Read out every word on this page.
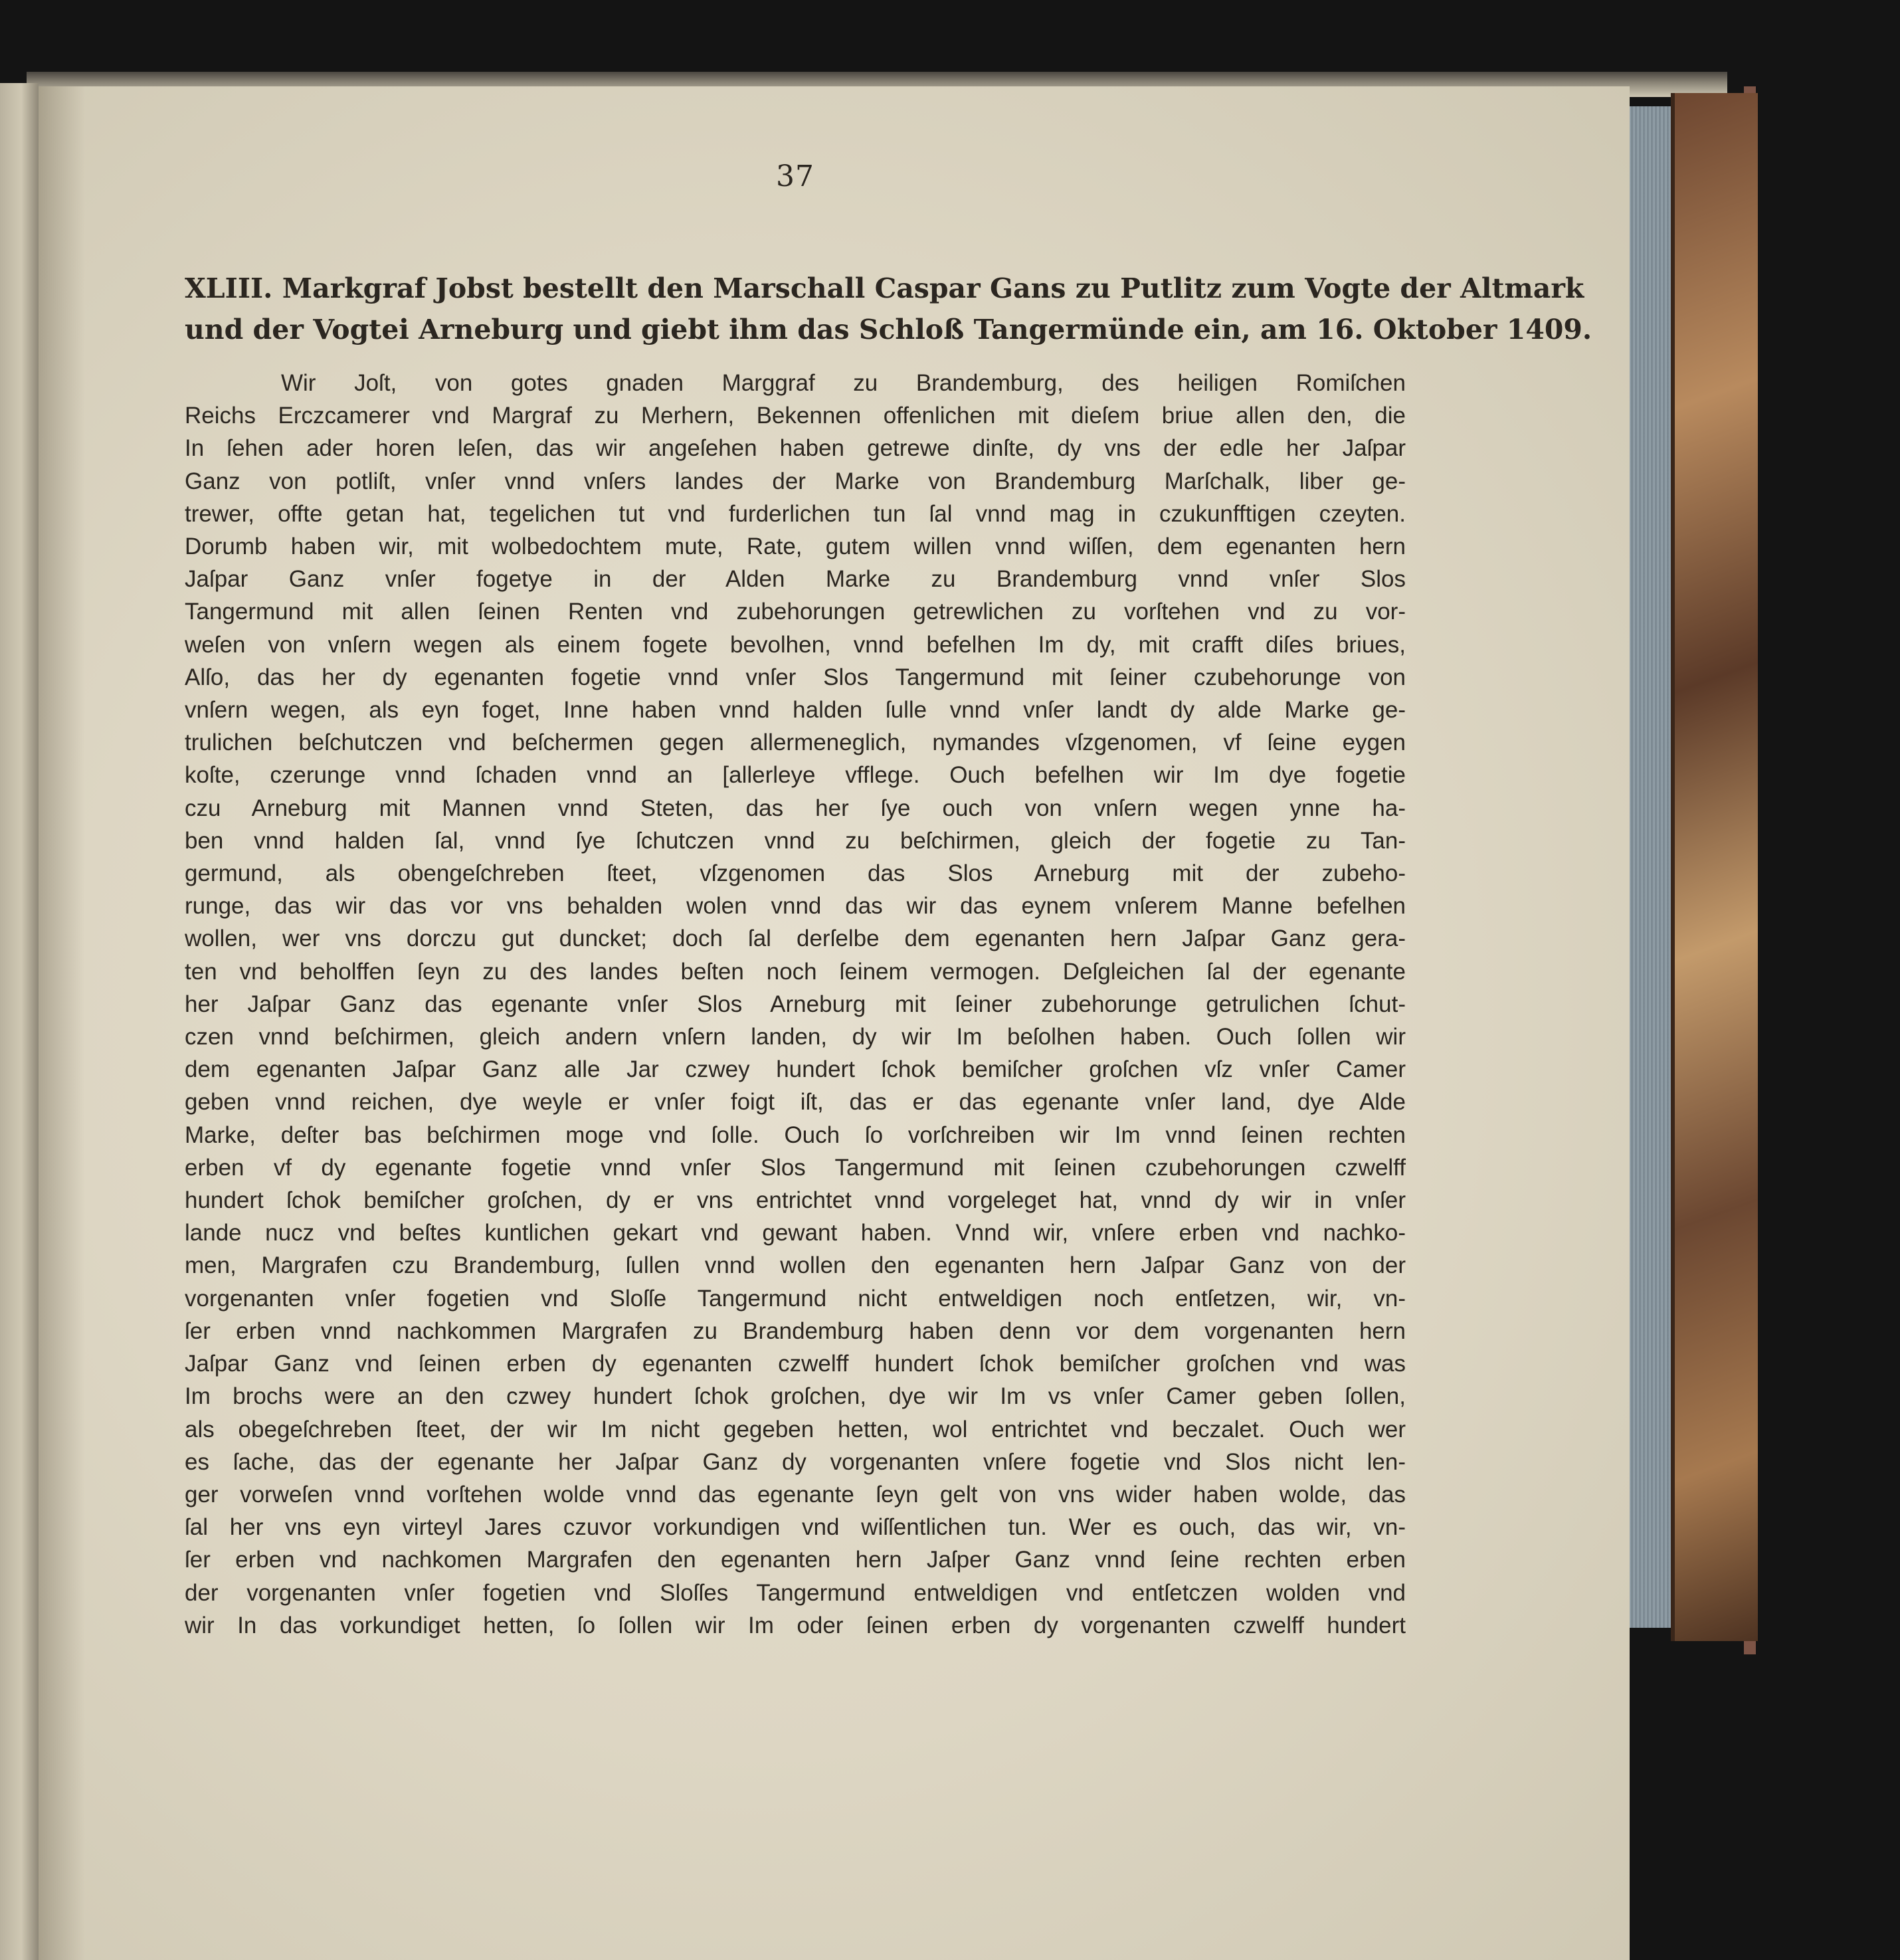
37
XLIII. Markgraf Jobst bestellt den Marschall Caspar Gans zu Putlitz zum Vogte der Altmark
und der Vogtei Arneburg und giebt ihm das Schloß Tangermünde ein, am 16. Oktober 1409.
Wir Joſt, von gotes gnaden Marggraf zu Brandemburg, des heiligen Romiſchen
Reichs Erczcamerer vnd Margraf zu Merhern, Bekennen offenlichen mit dieſem briue allen den, die
In ſehen ader horen leſen, das wir angeſehen haben getrewe dinſte, dy vns der edle her Jaſpar
Ganz von potliſt, vnſer vnnd vnſers landes der Marke von Brandemburg Marſchalk, liber ge-
trewer, offte getan hat, tegelichen tut vnd furderlichen tun ſal vnnd mag in czukunfftigen czeyten.
Dorumb haben wir, mit wolbedochtem mute, Rate, gutem willen vnnd wiſſen, dem egenanten hern
Jaſpar Ganz vnſer fogetye in der Alden Marke zu Brandemburg vnnd vnſer Slos
Tangermund mit allen ſeinen Renten vnd zubehorungen getrewlichen zu vorſtehen vnd zu vor-
weſen von vnſern wegen als einem fogete bevolhen, vnnd befelhen Im dy, mit crafft diſes briues,
Alſo, das her dy egenanten fogetie vnnd vnſer Slos Tangermund mit ſeiner czubehorunge von
vnſern wegen, als eyn foget, Inne haben vnnd halden ſulle vnnd vnſer landt dy alde Marke ge-
trulichen beſchutczen vnd beſchermen gegen allermeneglich, nymandes vſzgenomen, vf ſeine eygen
koſte, czerunge vnnd ſchaden vnnd an [allerleye vfflege. Ouch befelhen wir Im dye fogetie
czu Arneburg mit Mannen vnnd Steten, das her ſye ouch von vnſern wegen ynne ha-
ben vnnd halden ſal, vnnd ſye ſchutczen vnnd zu beſchirmen, gleich der fogetie zu Tan-
germund, als obengeſchreben ſteet, vſzgenomen das Slos Arneburg mit der zubeho-
runge, das wir das vor vns behalden wolen vnnd das wir das eynem vnſerem Manne befelhen
wollen, wer vns dorczu gut duncket; doch ſal derſelbe dem egenanten hern Jaſpar Ganz gera-
ten vnd beholffen ſeyn zu des landes beſten noch ſeinem vermogen. Deſgleichen ſal der egenante
her Jaſpar Ganz das egenante vnſer Slos Arneburg mit ſeiner zubehorunge getrulichen ſchut-
czen vnnd beſchirmen, gleich andern vnſern landen, dy wir Im beſolhen haben. Ouch ſollen wir
dem egenanten Jaſpar Ganz alle Jar czwey hundert ſchok bemiſcher groſchen vſz vnſer Camer
geben vnnd reichen, dye weyle er vnſer foigt iſt, das er das egenante vnſer land, dye Alde
Marke, deſter bas beſchirmen moge vnd ſolle. Ouch ſo vorſchreiben wir Im vnnd ſeinen rechten
erben vf dy egenante fogetie vnnd vnſer Slos Tangermund mit ſeinen czubehorungen czwelff
hundert ſchok bemiſcher groſchen, dy er vns entrichtet vnnd vorgeleget hat, vnnd dy wir in vnſer
lande nucz vnd beſtes kuntlichen gekart vnd gewant haben. Vnnd wir, vnſere erben vnd nachko-
men, Margrafen czu Brandemburg, ſullen vnnd wollen den egenanten hern Jaſpar Ganz von der
vorgenanten vnſer fogetien vnd Sloſſe Tangermund nicht entweldigen noch entſetzen, wir, vn-
ſer erben vnnd nachkommen Margrafen zu Brandemburg haben denn vor dem vorgenanten hern
Jaſpar Ganz vnd ſeinen erben dy egenanten czwelff hundert ſchok bemiſcher groſchen vnd was
Im brochs were an den czwey hundert ſchok groſchen, dye wir Im vs vnſer Camer geben ſollen,
als obegeſchreben ſteet, der wir Im nicht gegeben hetten, wol entrichtet vnd beczalet. Ouch wer
es ſache, das der egenante her Jaſpar Ganz dy vorgenanten vnſere fogetie vnd Slos nicht len-
ger vorweſen vnnd vorſtehen wolde vnnd das egenante ſeyn gelt von vns wider haben wolde, das
ſal her vns eyn virteyl Jares czuvor vorkundigen vnd wiſſentlichen tun. Wer es ouch, das wir, vn-
ſer erben vnd nachkomen Margrafen den egenanten hern Jaſper Ganz vnnd ſeine rechten erben
der vorgenanten vnſer fogetien vnd Sloſſes Tangermund entweldigen vnd entſetczen wolden vnd
wir In das vorkundiget hetten, ſo ſollen wir Im oder ſeinen erben dy vorgenanten czwelff hundert
